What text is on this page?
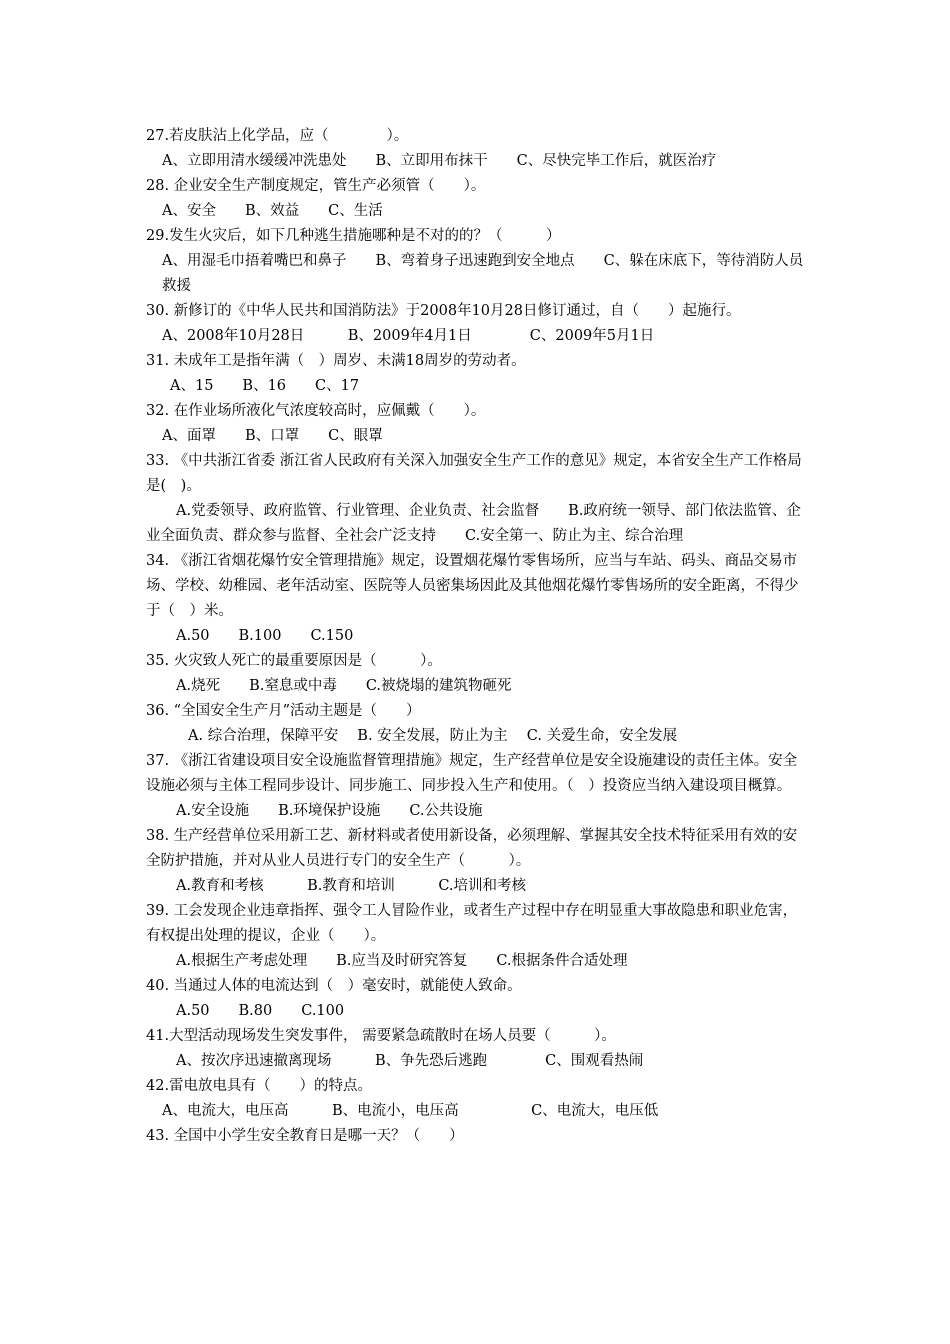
27.若皮肤沾上化学品，应（　　　　）。
A、立即用清水缓缓冲洗患处　　B、立即用布抹干　　C、尽快完毕工作后，就医治疗
28. 企业安全生产制度规定，管生产必须管（　　）。
A、安全　　B、效益　　C、生活
29.发生火灾后，如下几种逃生措施哪种是不对的的？（　　　）
A、用湿毛巾捂着嘴巴和鼻子　　B、弯着身子迅速跑到安全地点　　C、躲在床底下，等待消防人员救援
30. 新修订的《中华人民共和国消防法》于2008年10月28日修订通过，自（　　）起施行。
A、2008年10月28日　　　B、2009年4月1日　　　　C、2009年5月1日
31. 未成年工是指年满（　）周岁、未满18周岁的劳动者。
A、15　　B、16　　C、17
32. 在作业场所液化气浓度较高时，应佩戴（　　）。
A、面罩　　B、口罩　　C、眼罩
33. 《中共浙江省委 浙江省人民政府有关深入加强安全生产工作的意见》规定，本省安全生产工作格局是(　)。
A.党委领导、政府监管、行业管理、企业负责、社会监督　　B.政府统一领导、部门依法监管、企业全面负责、群众参与监督、全社会广泛支持　　C.安全第一、防止为主、综合治理
34. 《浙江省烟花爆竹安全管理措施》规定，设置烟花爆竹零售场所，应当与车站、码头、商品交易市场、学校、幼稚园、老年活动室、医院等人员密集场因此及其他烟花爆竹零售场所的安全距离，不得少于（　）米。
A.50　　B.100　　C.150
35. 火灾致人死亡的最重要原因是（　　　）。
A.烧死　　B.窒息或中毒　　C.被烧塌的建筑物砸死
36. “全国安全生产月”活动主题是（　　）
A. 综合治理，保障平安　 B. 安全发展，防止为主　 C. 关爱生命，安全发展
37. 《浙江省建设项目安全设施监督管理措施》规定，生产经营单位是安全设施建设的责任主体。安全设施必须与主体工程同步设计、同步施工、同步投入生产和使用。（　）投资应当纳入建设项目概算。
A.安全设施　　B.环境保护设施　　C.公共设施
38. 生产经营单位采用新工艺、新材料或者使用新设备，必须理解、掌握其安全技术特征采用有效的安全防护措施，并对从业人员进行专门的安全生产（　　　）。
A.教育和考核　　　B.教育和培训　　　C.培训和考核
39. 工会发现企业违章指挥、强令工人冒险作业，或者生产过程中存在明显重大事故隐患和职业危害，有权提出处理的提议，企业（　　）。
A.根据生产考虑处理　　B.应当及时研究答复　　C.根据条件合适处理
40. 当通过人体的电流达到（　）毫安时，就能使人致命。
A.50　　B.80　　C.100
41.大型活动现场发生突发事件， 需要紧急疏散时在场人员要（　　　）。
A、按次序迅速撤离现场　　　B、争先恐后逃跑　　　　C、围观看热闹
42.雷电放电具有（　　）的特点。
A、电流大，电压高　　　B、电流小，电压高　　　　　C、电流大，电压低
43. 全国中小学生安全教育日是哪一天？（　　）
